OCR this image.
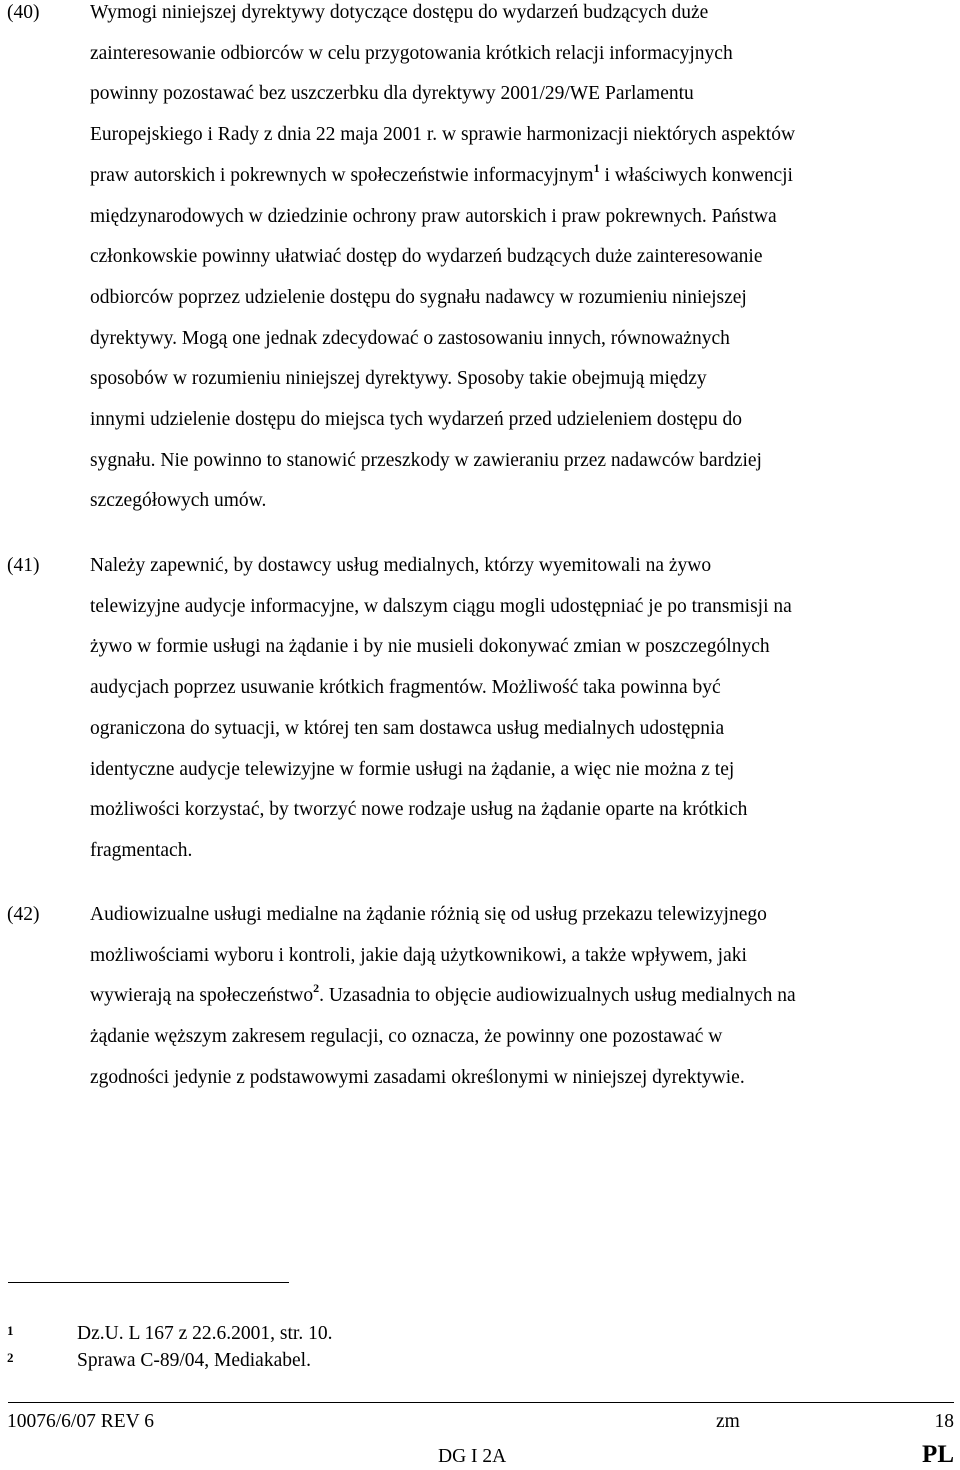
(40)	Wymogi niniejszej dyrektywy dotyczące dostępu do wydarzeń budzących duże
zainteresowanie odbiorców w celu przygotowania krótkich relacji informacyjnych
powinny pozostawać bez uszczerbku dla dyrektywy 2001/29/WE Parlamentu
Europejskiego i Rady z dnia 22 maja 2001 r. w sprawie harmonizacji niektórych aspektów
praw autorskich i pokrewnych w społeczeństwie informacyjnym$^1$ i właściwych konwencji
międzynarodowych w dziedzinie ochrony praw autorskich i praw pokrewnych. Państwa
członkowskie powinny ułatwiać dostęp do wydarzeń budzących duże zainteresowanie
odbiorców poprzez udzielenie dostępu do sygnału nadawcy w rozumieniu niniejszej
dyrektywy. Mogą one jednak zdecydować o zastosowaniu innych, równoważnych
sposobów w rozumieniu niniejszej dyrektywy. Sposoby takie obejmują między
innymi udzielenie dostępu do miejsca tych wydarzeń przed udzieleniem dostępu do
sygnału. Nie powinno to stanowić przeszkody w zawieraniu przez nadawców bardziej
szczegółowych umów.
(41)	Należy zapewnić, by dostawcy usług medialnych, którzy wyemitowali na żywo
telewizyjne audycje informacyjne, w dalszym ciągu mogli udostępniać je po transmisji na
żywo w formie usługi na żądanie i by nie musieli dokonywać zmian w poszczególnych
audycjach poprzez usuwanie krótkich fragmentów. Możliwość taka powinna być
ograniczona do sytuacji, w której ten sam dostawca usług medialnych udostępnia
identyczne audycje telewizyjne w formie usługi na żądanie, a więc nie można z tej
możliwości korzystać, by tworzyć nowe rodzaje usług na żądanie oparte na krótkich
fragmentach.
(42)	Audiowizualne usługi medialne na żądanie różnią się od usług przekazu telewizyjnego
możliwościami wyboru i kontroli, jakie dają użytkownikowi, a także wpływem, jaki
wywierają na społeczeństwo$^2$. Uzasadnia to objęcie audiowizualnych usług medialnych na
żądanie węższym zakresem regulacji, co oznacza, że powinny one pozostawać w
zgodności jedynie z podstawowymi zasadami określonymi w niniejszej dyrektywie.
1	Dz.U. L 167 z 22.6.2001, str. 10.
2	Sprawa C-89/04, Mediakabel.
10076/6/07 REV 6	zm	18
DG I 2A	PL
